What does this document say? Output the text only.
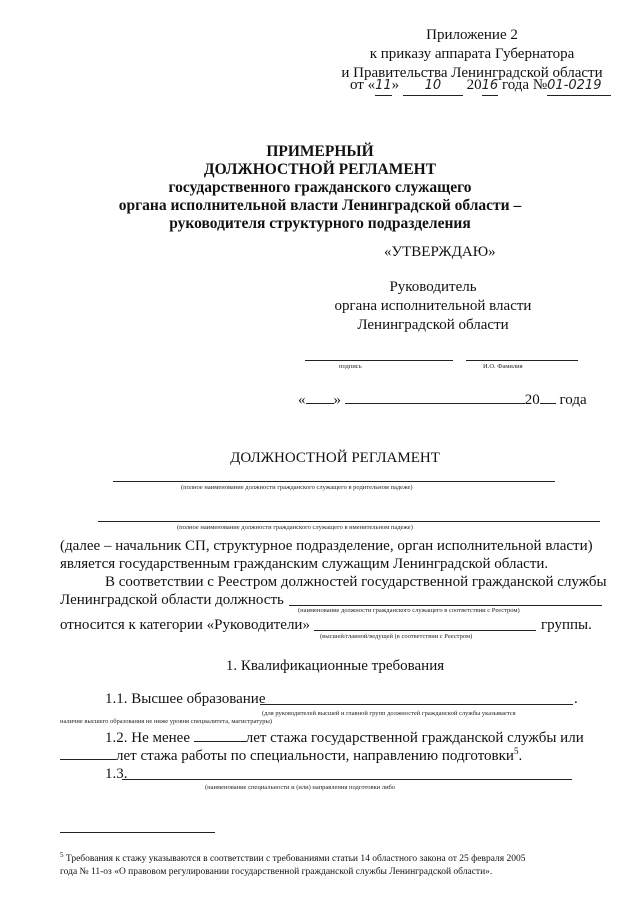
Приложение 2
к приказу аппарата Губернатора
и Правительства Ленинградской области
от «11» 10 2016 года №01-0219
ПРИМЕРНЫЙ
ДОЛЖНОСТНОЙ РЕГЛАМЕНТ
государственного гражданского служащего
органа исполнительной власти Ленинградской области –
руководителя структурного подразделения
«УТВЕРЖДАЮ»
Руководитель
органа исполнительной власти
Ленинградской области
подпись	И.О. Фамилия
« »	20 года
ДОЛЖНОСТНОЙ РЕГЛАМЕНТ
(полное наименование должности гражданского служащего в родительном падеже)
(полное наименование должности гражданского служащего в именительном падеже)
(далее – начальник СП, структурное подразделение, орган исполнительной власти)
является государственным гражданским служащим Ленинградской области.
В соответствии с Реестром должностей государственной гражданской службы
Ленинградской области должность
(наименование должности гражданского служащего в соответствии с Реестром)
относится к категории «Руководители»	группы.
(высшей/главной/ведущей (в соответствии с Реестром)
1. Квалификационные требования
1.1. Высшее образование	.
(для руководителей высшей и главной групп должностей гражданской службы указывается
наличие высшего образования не ниже уровня специалитета, магистратуры)
1.2. Не менее	лет стажа государственной гражданской службы или
лет стажа работы по специальности, направлению подготовки$^5$.
1.3.
(наименование специальности и (или) направления подготовки либо
$^5$ Требования к стажу указываются в соответствии с требованиями статьи 14 областного закона от 25 февраля 2005
года № 11-оз «О правовом регулировании государственной гражданской службы Ленинградской области».
